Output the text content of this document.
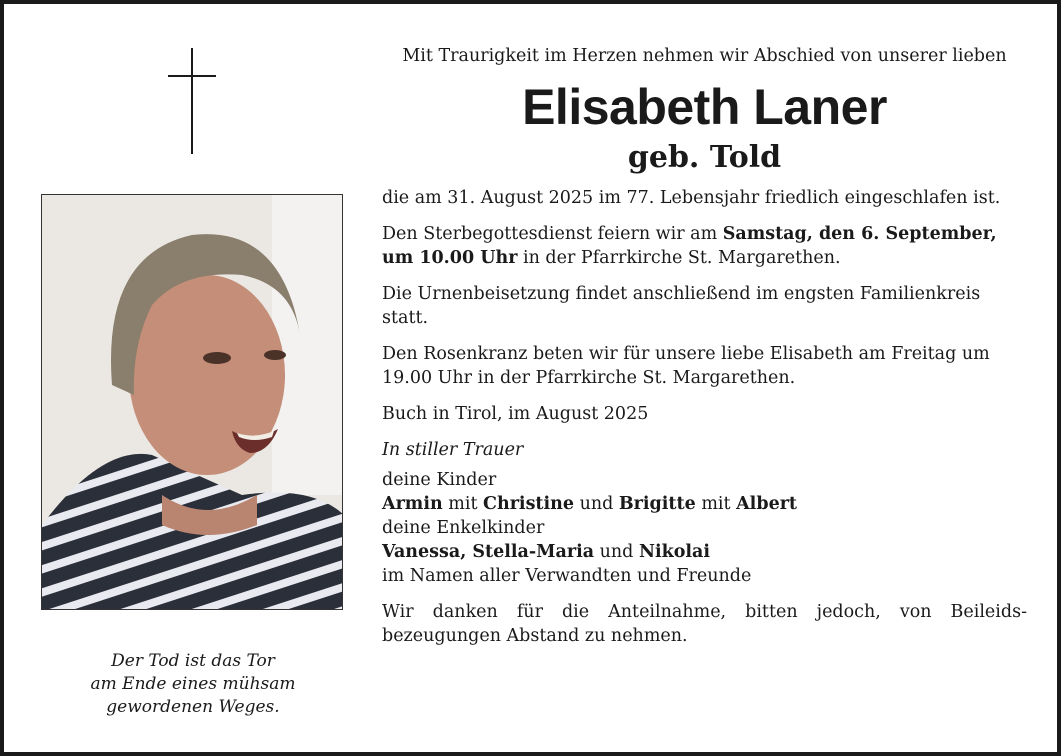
Der Tod ist das Tor
am Ende eines mühsam
gewordenen Weges.

Mit Traurigkeit im Herzen nehmen wir Abschied von unserer lieben

Elisabeth Laner

geb. Told

die am 31. August 2025 im 77. Lebensjahr friedlich eingeschlafen ist.

Den Sterbegottesdienst feiern wir am Samstag, den 6. September,
um 10.00 Uhr in der Pfarrkirche St. Margarethen.

Die Urnenbeisetzung findet anschließend im engsten Familienkreis statt.

Den Rosenkranz beten wir für unsere liebe Elisabeth am Freitag um 19.00 Uhr in der Pfarrkirche St. Margarethen.

Buch in Tirol, im August 2025

In stiller Trauer

deine Kinder

Armin mit Christine und Brigitte mit Albert

deine Enkelkinder

Vanessa, Stella-Maria und Nikolai

im Namen aller Verwandten und Freunde

Wir danken für die Anteilnahme, bitten jedoch, von Beileids-bezeugungen Abstand zu nehmen.
